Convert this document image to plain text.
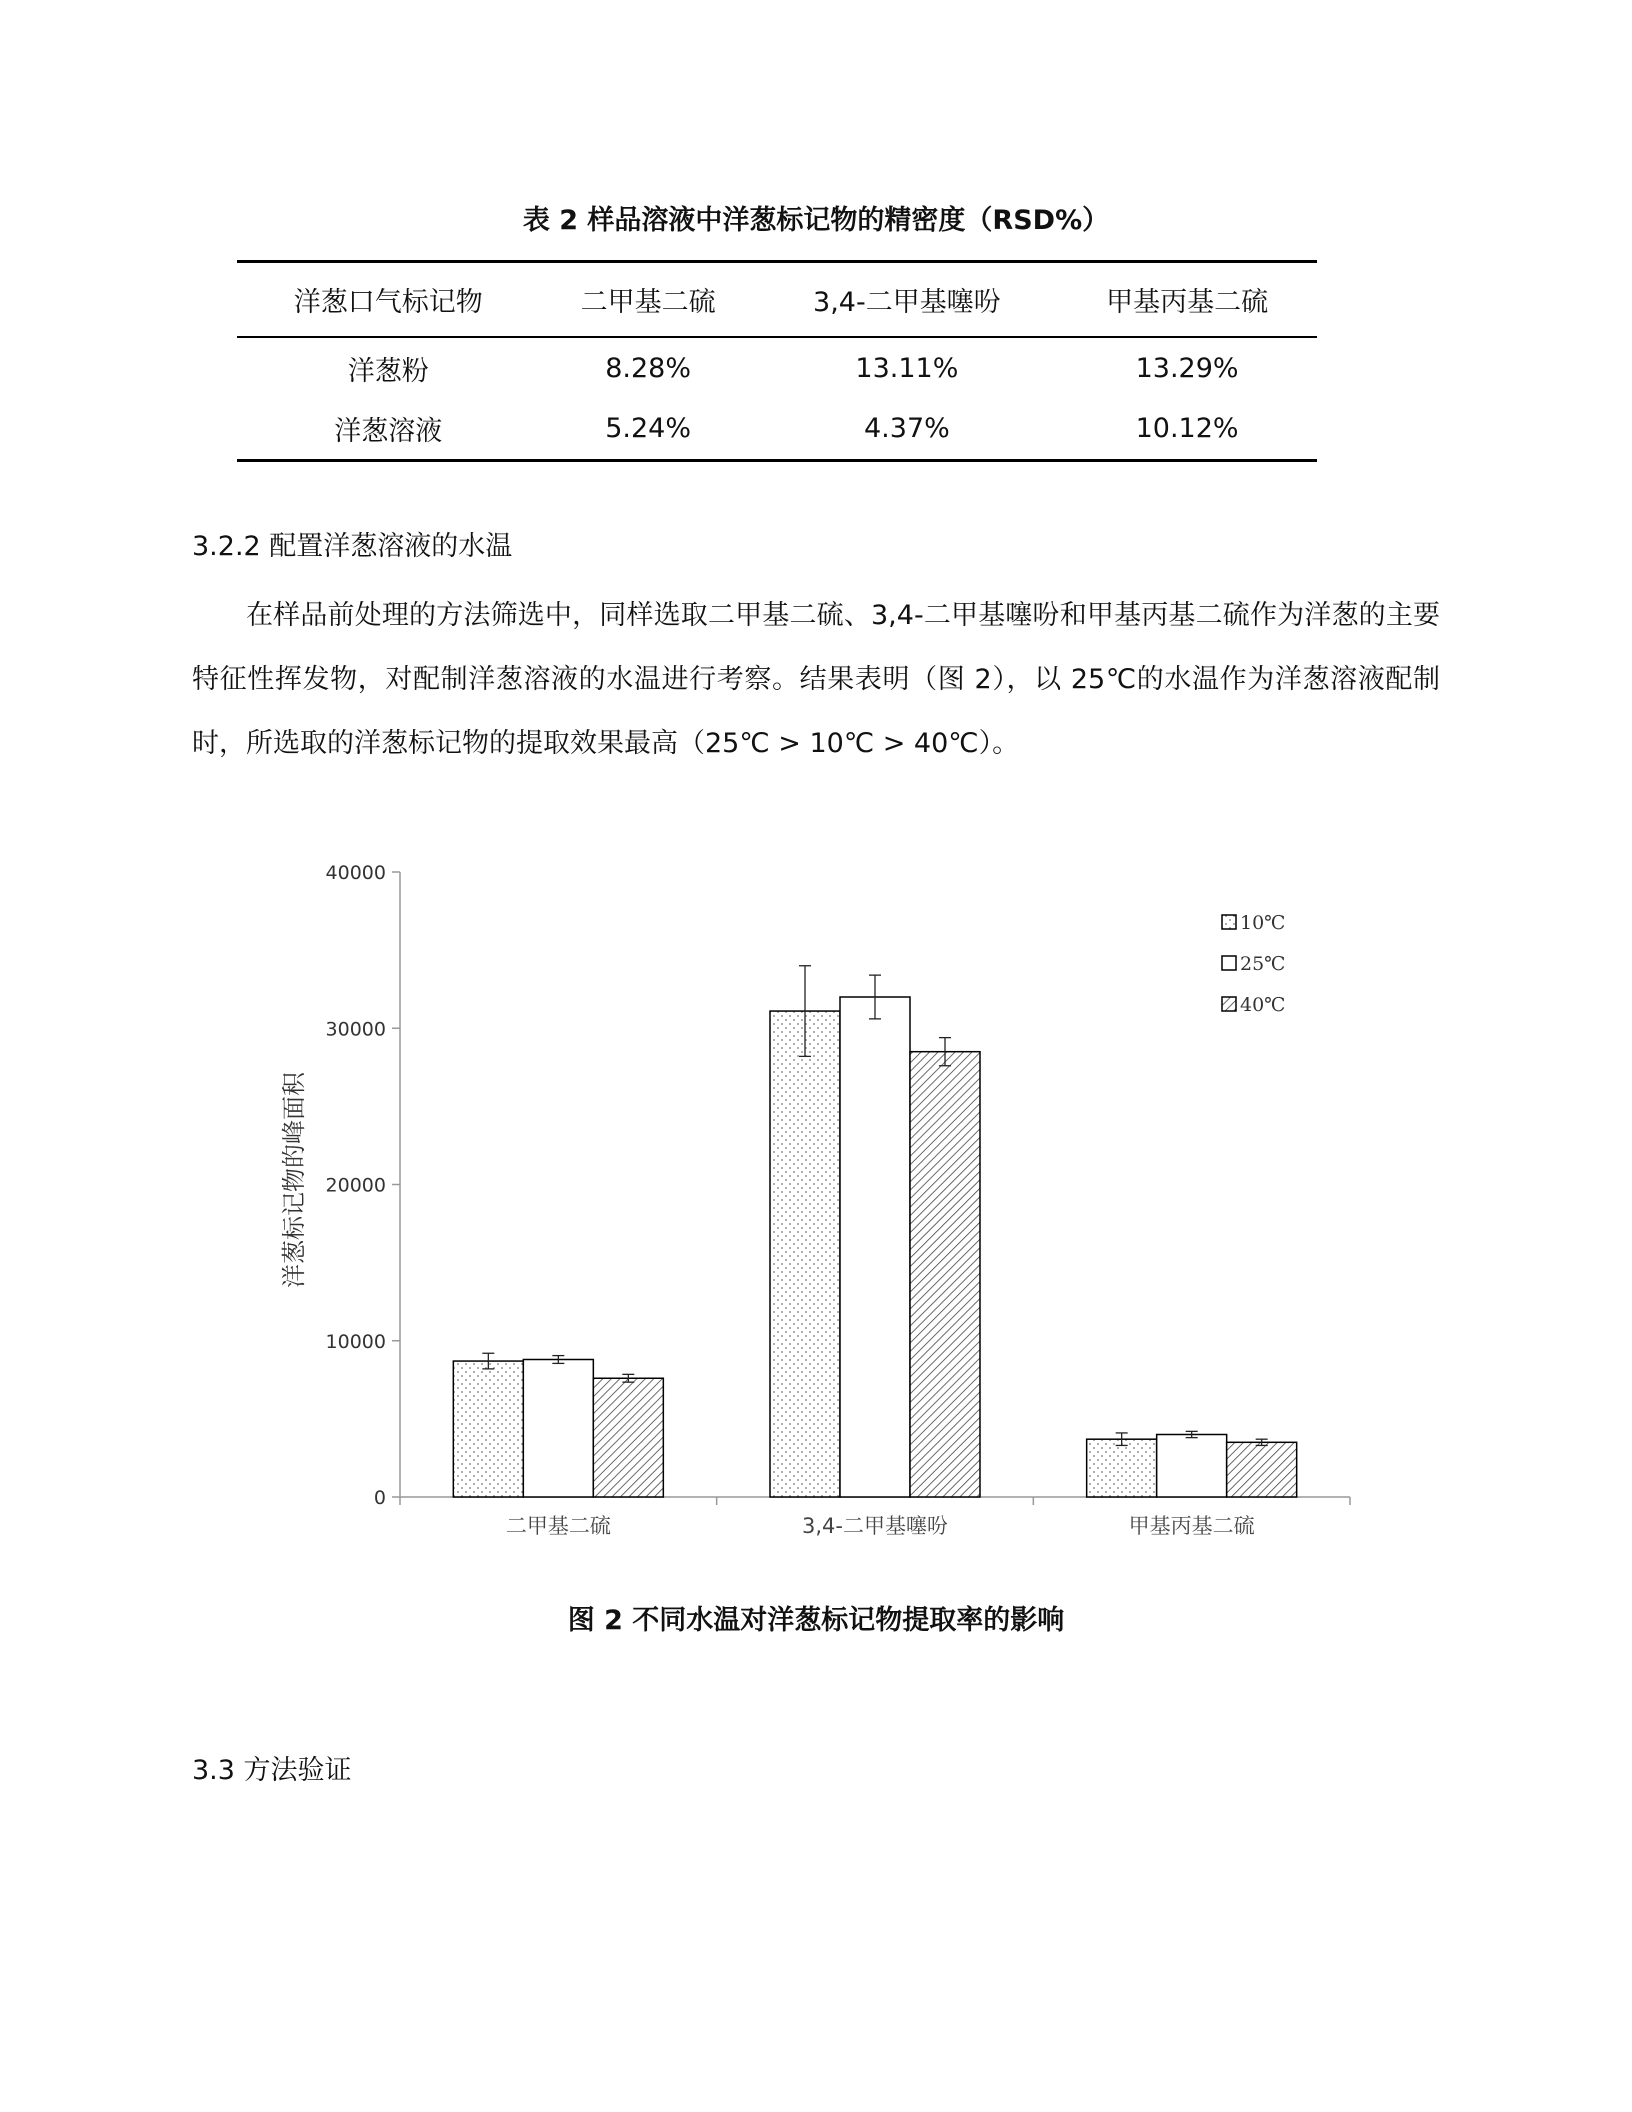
表 2 样品溶液中洋葱标记物的精密度（RSD%）
洋葱口气标记物	二甲基二硫	3,4-二甲基噻吩	甲基丙基二硫
洋葱粉	8.28%	13.11%	13.29%
洋葱溶液	5.24%	4.37%	10.12%
3.2.2 配置洋葱溶液的水温
在样品前处理的方法筛选中，同样选取二甲基二硫、3,4-二甲基噻吩和甲基丙基二硫作为洋葱的主要特征性挥发物，对配制洋葱溶液的水温进行考察。结果表明（图 2），以 25℃的水温作为洋葱溶液配制时，所选取的洋葱标记物的提取效果最高（25℃ > 10℃ > 40℃）。
0
10000
20000
30000
40000
二甲基二硫	3,4-二甲基噻吩	甲基丙基二硫
10℃
25℃
40℃
洋葱标记物的峰面积
图 2 不同水温对洋葱标记物提取率的影响
3.3 方法验证
